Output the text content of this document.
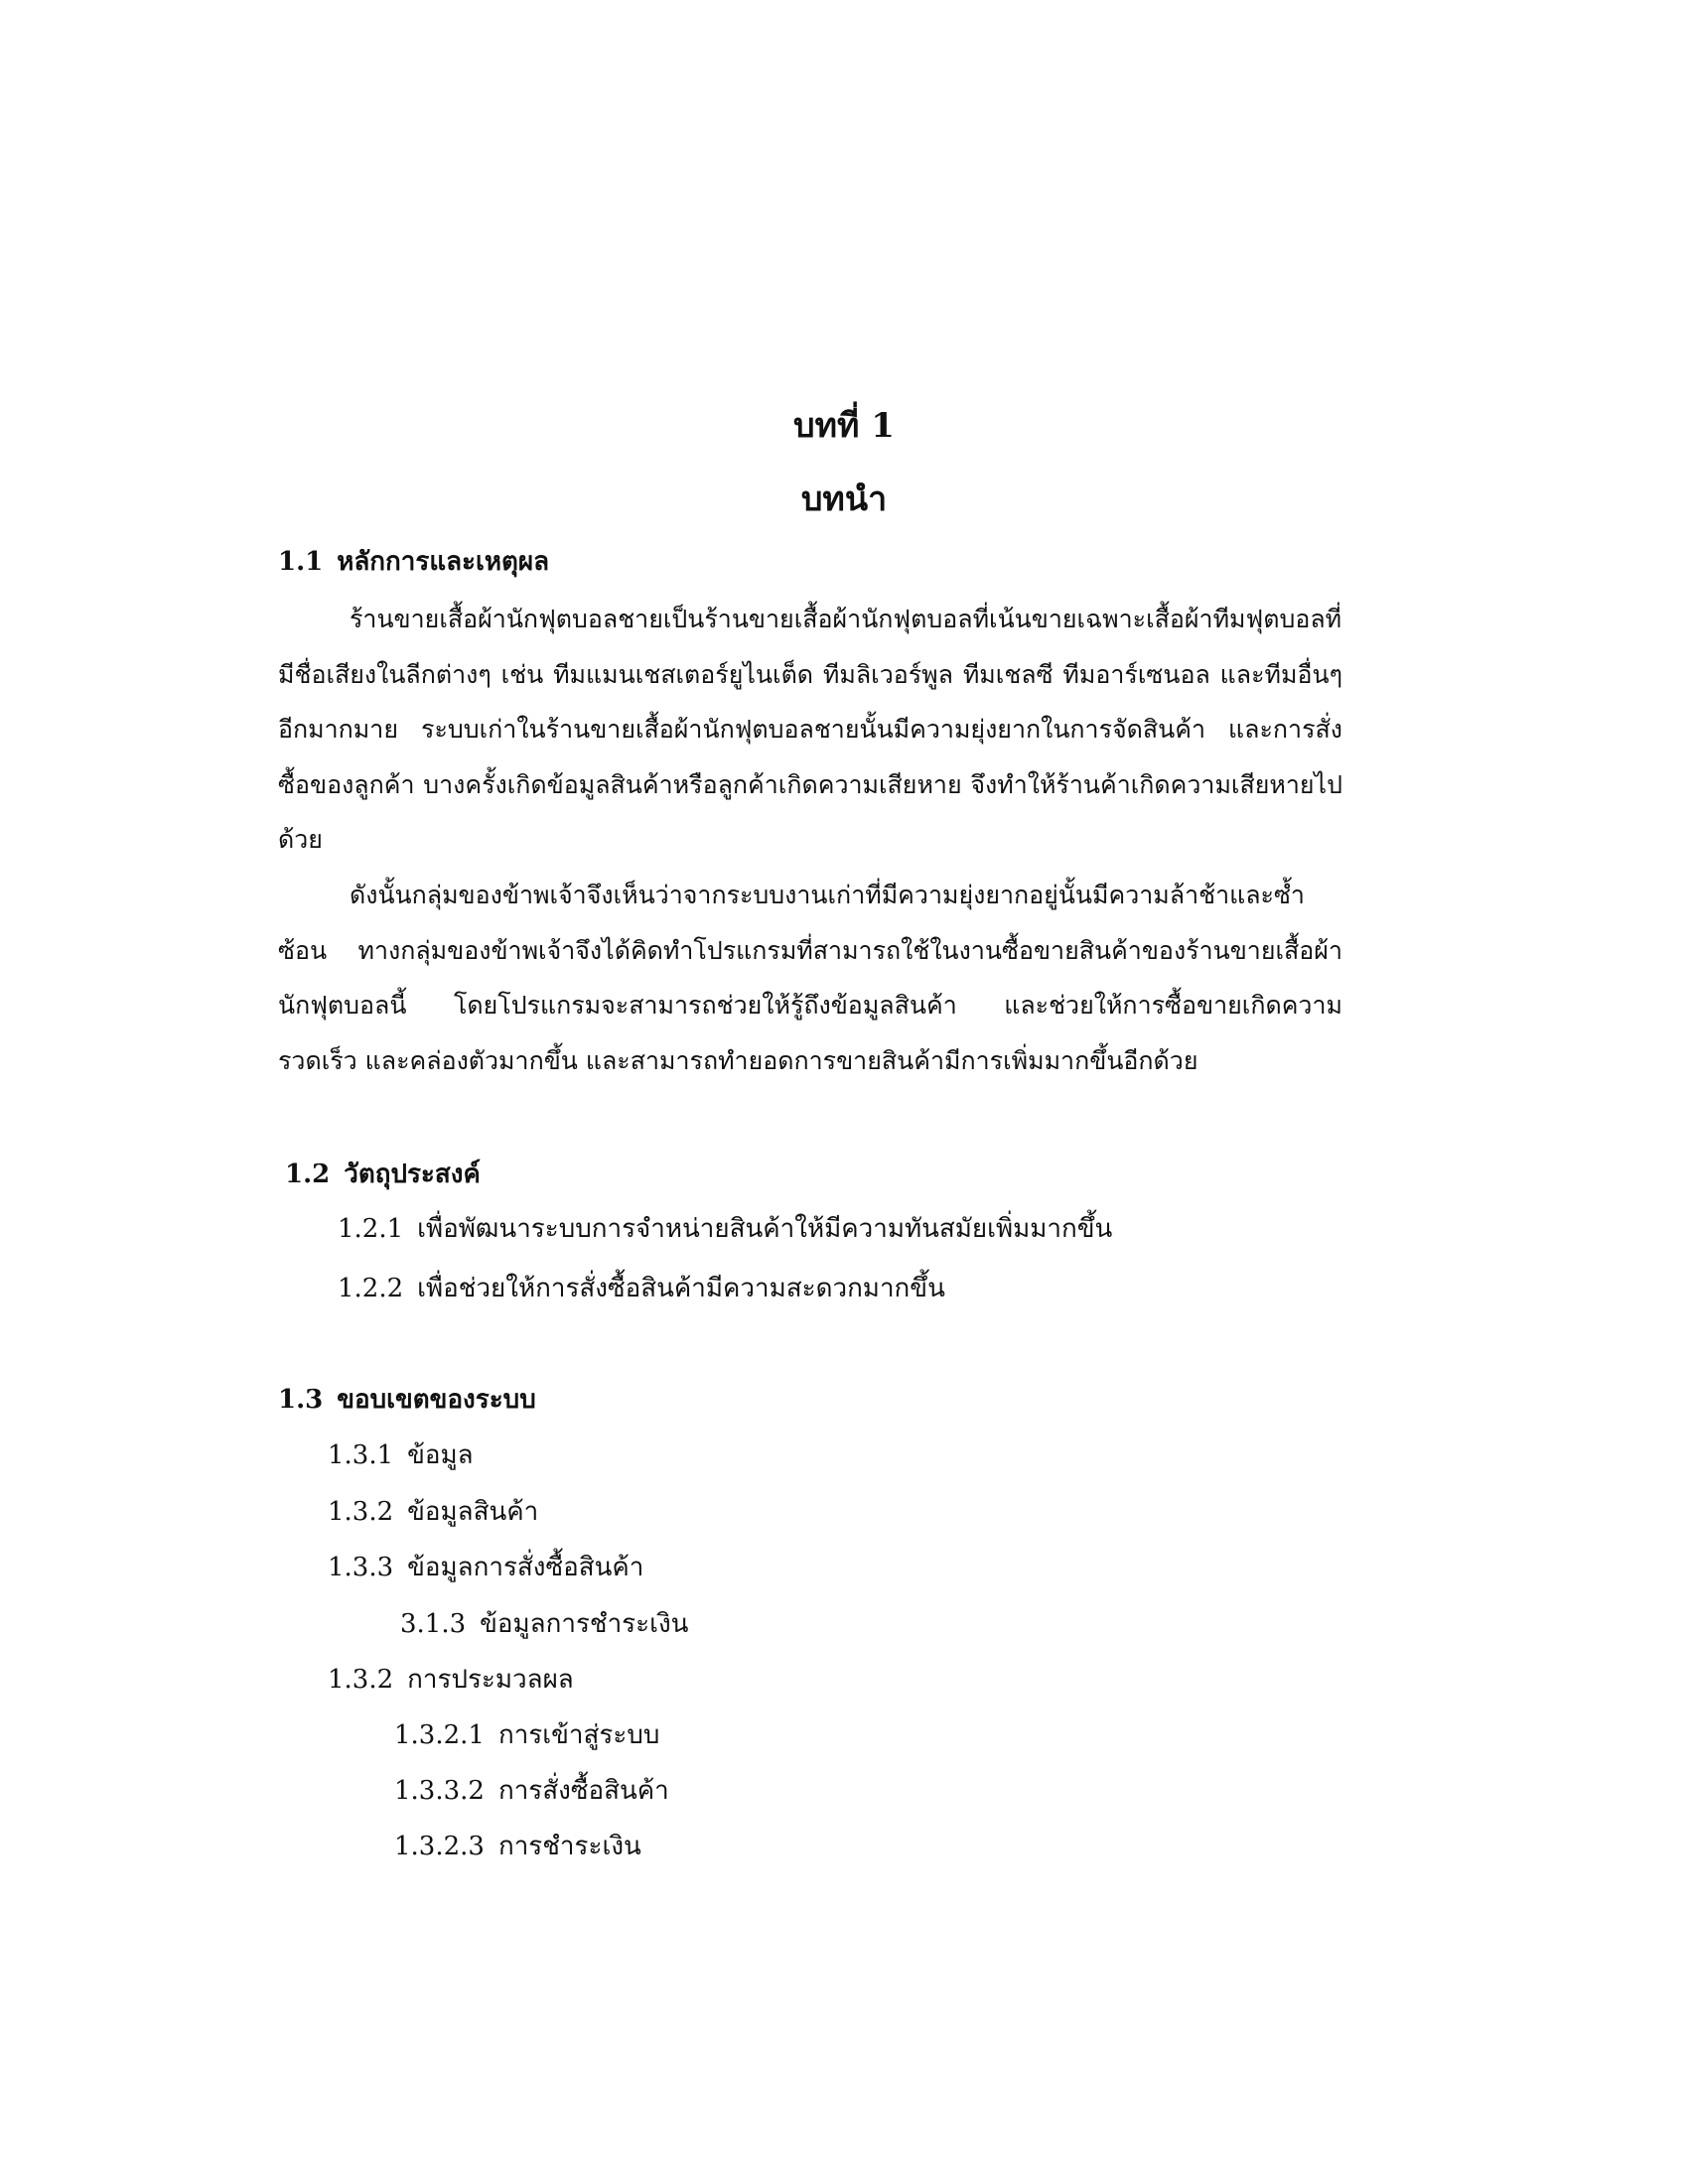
บทที่ 1
บทนำ
1.1 หลักการและเหตุผล

ร้านขายเสื้อผ้านักฟุตบอลชายเป็นร้านขายเสื้อผ้านักฟุตบอลที่เน้นขายเฉพาะเสื้อผ้าทีมฟุตบอลที่มีชื่อเสียงในลีกต่างๆ เช่น ทีมแมนเชสเตอร์ยูไนเต็ด ทีมลิเวอร์พูล ทีมเชลซี ทีมอาร์เซนอล และทีมอื่นๆอีกมากมาย ระบบเก่าในร้านขายเสื้อผ้านักฟุตบอลชายนั้นมีความยุ่งยากในการจัดสินค้า และการสั่งซื้อของลูกค้า บางครั้งเกิดข้อมูลสินค้าหรือลูกค้าเกิดความเสียหาย จึงทำให้ร้านค้าเกิดความเสียหายไปด้วย

ดังนั้นกลุ่มของข้าพเจ้าจึงเห็นว่าจากระบบงานเก่าที่มีความยุ่งยากอยู่นั้นมีความล้าช้าและซ้ำซ้อน ทางกลุ่มของข้าพเจ้าจึงได้คิดทำโปรแกรมที่สามารถใช้ในงานซื้อขายสินค้าของร้านขายเสื้อผ้านักฟุตบอลนี้ โดยโปรแกรมจะสามารถช่วยให้รู้ถึงข้อมูลสินค้า และช่วยให้การซื้อขายเกิดความรวดเร็ว และคล่องตัวมากขึ้น และสามารถทำยอดการขายสินค้ามีการเพิ่มมากขึ้นอีกด้วย

1.2 วัตถุประสงค์
1.2.1 เพื่อพัฒนาระบบการจำหน่ายสินค้าให้มีความทันสมัยเพิ่มมากขึ้น
1.2.2 เพื่อช่วยให้การสั่งซื้อสินค้ามีความสะดวกมากขึ้น
1.3 ขอบเขตของระบบ
1.3.1 ข้อมูล
1.3.2 ข้อมูลสินค้า
1.3.3 ข้อมูลการสั่งซื้อสินค้า
3.1.3 ข้อมูลการชำระเงิน
1.3.2 การประมวลผล
1.3.2.1 การเข้าสู่ระบบ
1.3.3.2 การสั่งซื้อสินค้า
1.3.2.3 การชำระเงิน
